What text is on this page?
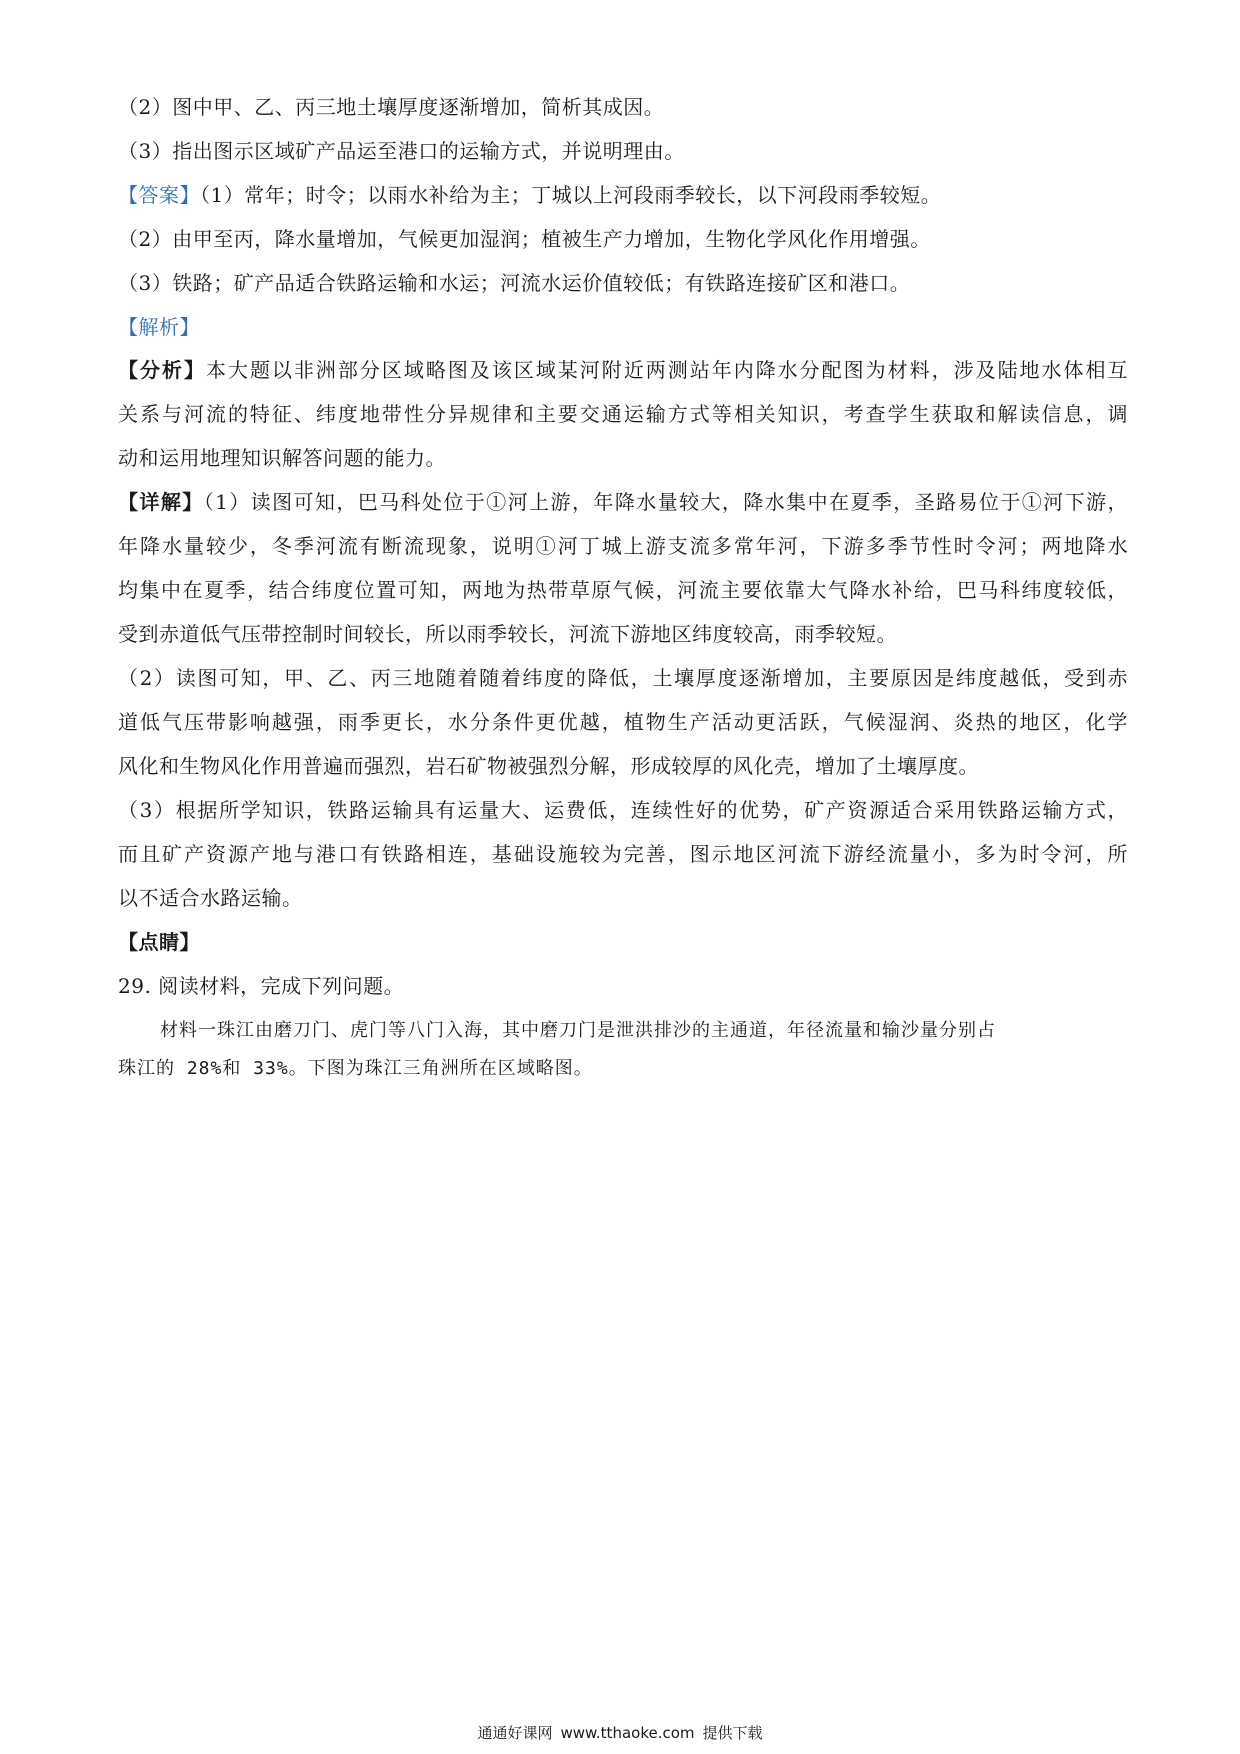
（2）图中甲、乙、丙三地土壤厚度逐渐增加，简析其成因。
（3）指出图示区域矿产品运至港口的运输方式，并说明理由。
【答案】（1）常年；时令；以雨水补给为主；丁城以上河段雨季较长，以下河段雨季较短。
（2）由甲至丙，降水量增加，气候更加湿润；植被生产力增加，生物化学风化作用增强。
（3）铁路；矿产品适合铁路运输和水运；河流水运价值较低；有铁路连接矿区和港口。
【解析】
【分析】本大题以非洲部分区域略图及该区域某河附近两测站年内降水分配图为材料，涉及陆地水体相互
关系与河流的特征、纬度地带性分异规律和主要交通运输方式等相关知识，考查学生获取和解读信息，调
动和运用地理知识解答问题的能力。
【详解】（1）读图可知，巴马科处位于①河上游，年降水量较大，降水集中在夏季，圣路易位于①河下游，
年降水量较少，冬季河流有断流现象，说明①河丁城上游支流多常年河，下游多季节性时令河；两地降水
均集中在夏季，结合纬度位置可知，两地为热带草原气候，河流主要依靠大气降水补给，巴马科纬度较低，
受到赤道低气压带控制时间较长，所以雨季较长，河流下游地区纬度较高，雨季较短。
（2）读图可知，甲、乙、丙三地随着随着纬度的降低，土壤厚度逐渐增加，主要原因是纬度越低，受到赤
道低气压带影响越强，雨季更长，水分条件更优越，植物生产活动更活跃，气候湿润、炎热的地区，化学
风化和生物风化作用普遍而强烈，岩石矿物被强烈分解，形成较厚的风化壳，增加了土壤厚度。
（3）根据所学知识，铁路运输具有运量大、运费低，连续性好的优势，矿产资源适合采用铁路运输方式，
而且矿产资源产地与港口有铁路相连，基础设施较为完善，图示地区河流下游经流量小，多为时令河，所
以不适合水路运输。
【点睛】
29. 阅读材料，完成下列问题。
材料一珠江由磨刀门、虎门等八门入海，其中磨刀门是泄洪排沙的主通道，年径流量和输沙量分别占
珠江的 28%和 33%。下图为珠江三角洲所在区域略图。
通通好课网 www.tthaoke.com 提供下载
